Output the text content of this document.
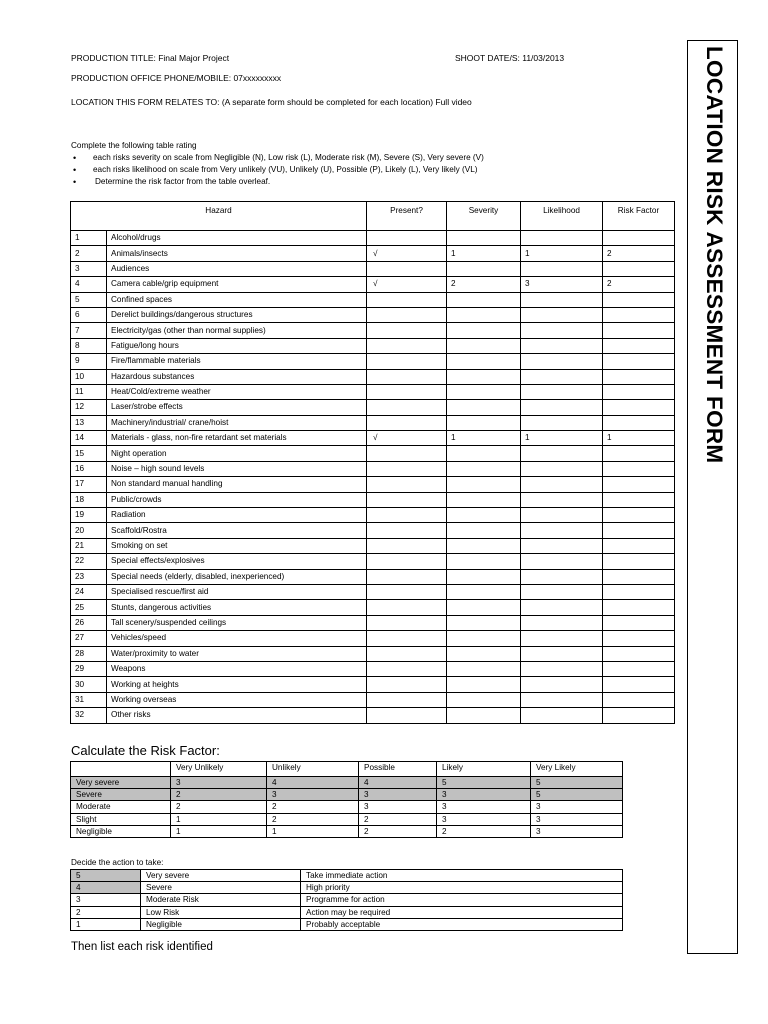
PRODUCTION TITLE: Final Major Project	SHOOT DATE/S: 11/03/2013
PRODUCTION OFFICE PHONE/MOBILE: 07xxxxxxxxx
LOCATION THIS FORM RELATES TO: (A separate form should be completed for each location) Full video
Complete the following table rating
• each risks severity on scale from Negligible (N), Low risk (L), Moderate risk (M), Severe (S), Very severe (V)
• each risks likelihood on scale from Very unlikely (VU), Unlikely (U), Possible (P), Likely (L), Very likely (VL)
• Determine the risk factor from the table overleaf.
Hazard		Present?	Severity	Likelihood	Risk Factor
1	Alcohol/drugs				
2	Animals/insects	√	1	1	2
3	Audiences				
4	Camera cable/grip equipment	√	2	3	2
5	Confined spaces				
6	Derelict buildings/dangerous structures				
7	Electricity/gas (other than normal supplies)				
8	Fatigue/long hours				
9	Fire/flammable materials				
10	Hazardous substances				
11	Heat/Cold/extreme weather				
12	Laser/strobe effects				
13	Machinery/industrial/ crane/hoist				
14	Materials - glass, non-fire retardant set materials	√	1	1	1
15	Night operation				
16	Noise – high sound levels				
17	Non standard manual handling				
18	Public/crowds				
19	Radiation				
20	Scaffold/Rostra				
21	Smoking on set				
22	Special effects/explosives				
23	Special needs (elderly, disabled, inexperienced)				
24	Specialised rescue/first aid				
25	Stunts, dangerous activities				
26	Tall scenery/suspended ceilings				
27	Vehicles/speed				
28	Water/proximity to water				
29	Weapons				
30	Working at heights				
31	Working overseas				
32	Other risks				
Calculate the Risk Factor:
	Very Unlikely	Unlikely	Possible	Likely	Very Likely
Very severe	3	4	4	5	5
Severe	2	3	3	3	5
Moderate	2	2	3	3	3
Slight	1	2	2	3	3
Negligible	1	1	2	2	3
Decide the action to take:
5	Very severe	Take immediate action
4	Severe	High priority
3	Moderate Risk	Programme for action
2	Low Risk	Action may be required
1	Negligible	Probably acceptable
Then list each risk identified
LOCATION RISK ASSESSMENT FORM
